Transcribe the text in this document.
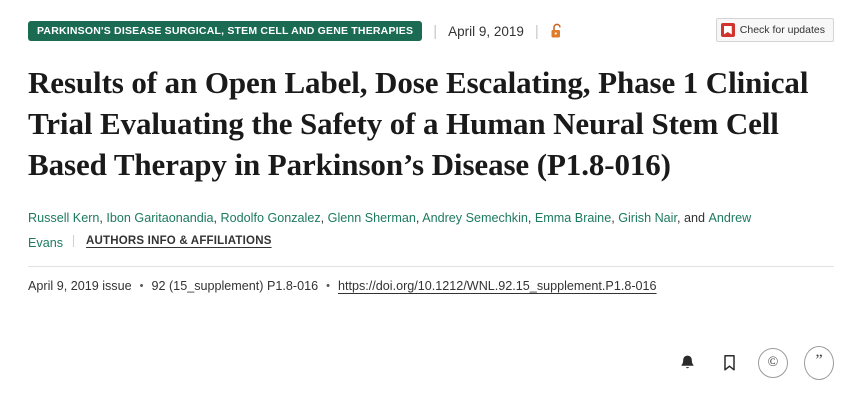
PARKINSON'S DISEASE SURGICAL, STEM CELL AND GENE THERAPIES	| April 9, 2019 |	Check for updates
Results of an Open Label, Dose Escalating, Phase 1 Clinical Trial Evaluating the Safety of a Human Neural Stem Cell Based Therapy in Parkinson’s Disease (P1.8-016)
Russell Kern, Ibon Garitaonandia, Rodolfo Gonzalez, Glenn Sherman, Andrey Semechkin, Emma Braine, Girish Nair, and Andrew Evans AUTHORS INFO & AFFILIATIONS
April 9, 2019 issue • 92 (15_supplement) P1.8-016 • https://doi.org/10.1212/WNL.92.15_supplement.P1.8-016
©	”
